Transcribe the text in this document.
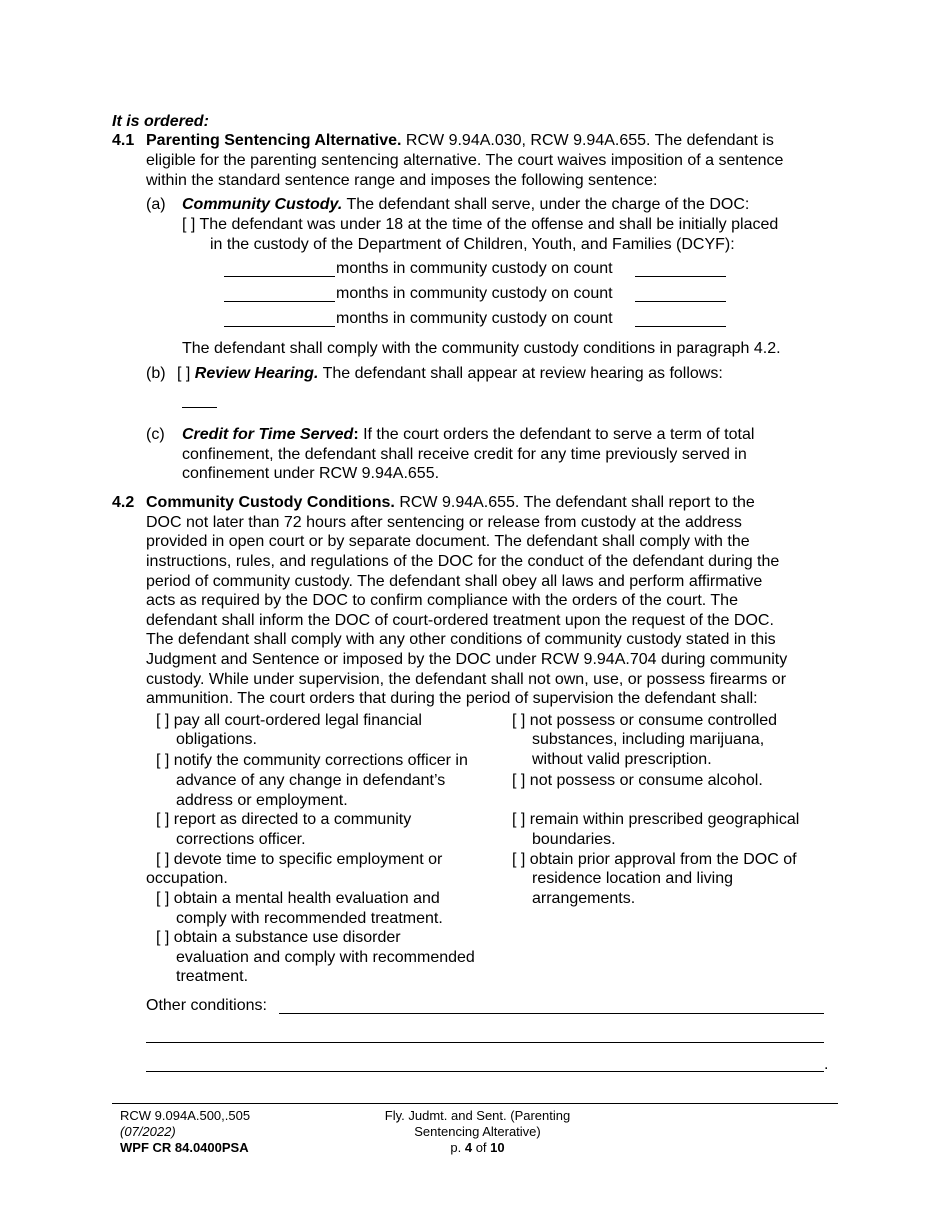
It is ordered:
4.1 Parenting Sentencing Alternative. RCW 9.94A.030, RCW 9.94A.655. The defendant is
eligible for the parenting sentencing alternative. The court waives imposition of a sentence
within the standard sentence range and imposes the following sentence:
(a) Community Custody. The defendant shall serve, under the charge of the DOC:
[ ] The defendant was under 18 at the time of the offense and shall be initially placed
in the custody of the Department of Children, Youth, and Families (DCYF):
months in community custody on count
months in community custody on count
months in community custody on count
The defendant shall comply with the community custody conditions in paragraph 4.2.
(b) [ ] Review Hearing. The defendant shall appear at review hearing as follows:
(c) Credit for Time Served: If the court orders the defendant to serve a term of total
confinement, the defendant shall receive credit for any time previously served in
confinement under RCW 9.94A.655.
4.2 Community Custody Conditions. RCW 9.94A.655. The defendant shall report to the
DOC not later than 72 hours after sentencing or release from custody at the address
provided in open court or by separate document. The defendant shall comply with the
instructions, rules, and regulations of the DOC for the conduct of the defendant during the
period of community custody. The defendant shall obey all laws and perform affirmative
acts as required by the DOC to confirm compliance with the orders of the court. The
defendant shall inform the DOC of court-ordered treatment upon the request of the DOC.
The defendant shall comply with any other conditions of community custody stated in this
Judgment and Sentence or imposed by the DOC under RCW 9.94A.704 during community
custody. While under supervision, the defendant shall not own, use, or possess firearms or
ammunition. The court orders that during the period of supervision the defendant shall:
[ ] pay all court-ordered legal financial
obligations.
[ ] notify the community corrections officer in
advance of any change in defendant’s
address or employment.
[ ] report as directed to a community
corrections officer.
[ ] devote time to specific employment or
occupation.
[ ] obtain a mental health evaluation and
comply with recommended treatment.
[ ] obtain a substance use disorder
evaluation and comply with recommended
treatment.
[ ] not possess or consume controlled
substances, including marijuana,
without valid prescription.
[ ] not possess or consume alcohol.
[ ] remain within prescribed geographical
boundaries.
[ ] obtain prior approval from the DOC of
residence location and living
arrangements.
Other conditions:
.
RCW 9.094A.500,.505
(07/2022)
WPF CR 84.0400PSA
Fly. Judmt. and Sent. (Parenting
Sentencing Alterative)
p. 4 of 10
